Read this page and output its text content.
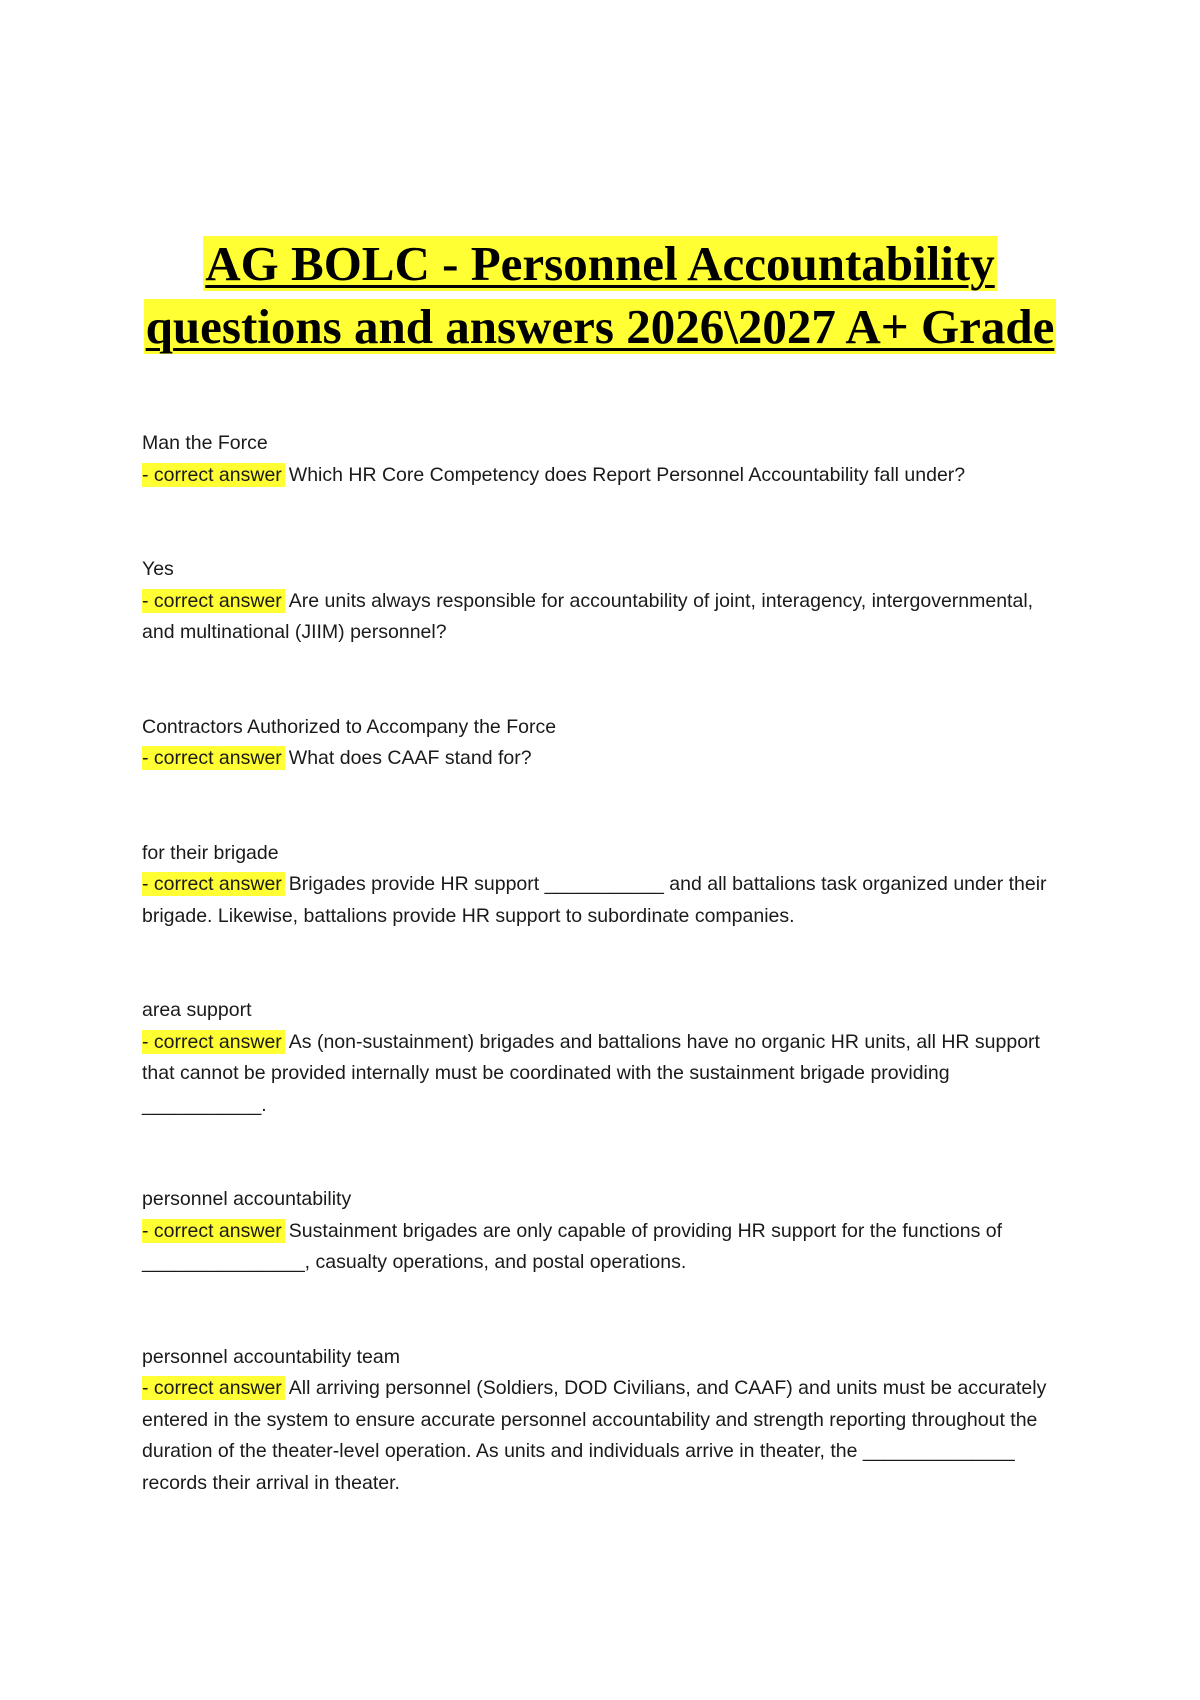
AG BOLC - Personnel Accountability
questions and answers 2026\2027 A+ Grade
Man the Force
- correct answer Which HR Core Competency does Report Personnel Accountability fall under?
Yes
- correct answer Are units always responsible for accountability of joint, interagency, intergovernmental, and multinational (JIIM) personnel?
Contractors Authorized to Accompany the Force
- correct answer What does CAAF stand for?
for their brigade
- correct answer Brigades provide HR support ___________ and all battalions task organized under their brigade. Likewise, battalions provide HR support to subordinate companies.
area support
- correct answer As (non-sustainment) brigades and battalions have no organic HR units, all HR support that cannot be provided internally must be coordinated with the sustainment brigade providing ___________.
personnel accountability
- correct answer Sustainment brigades are only capable of providing HR support for the functions of _______________, casualty operations, and postal operations.
personnel accountability team
- correct answer All arriving personnel (Soldiers, DOD Civilians, and CAAF) and units must be accurately entered in the system to ensure accurate personnel accountability and strength reporting throughout the duration of the theater-level operation. As units and individuals arrive in theater, the ______________ records their arrival in theater.
